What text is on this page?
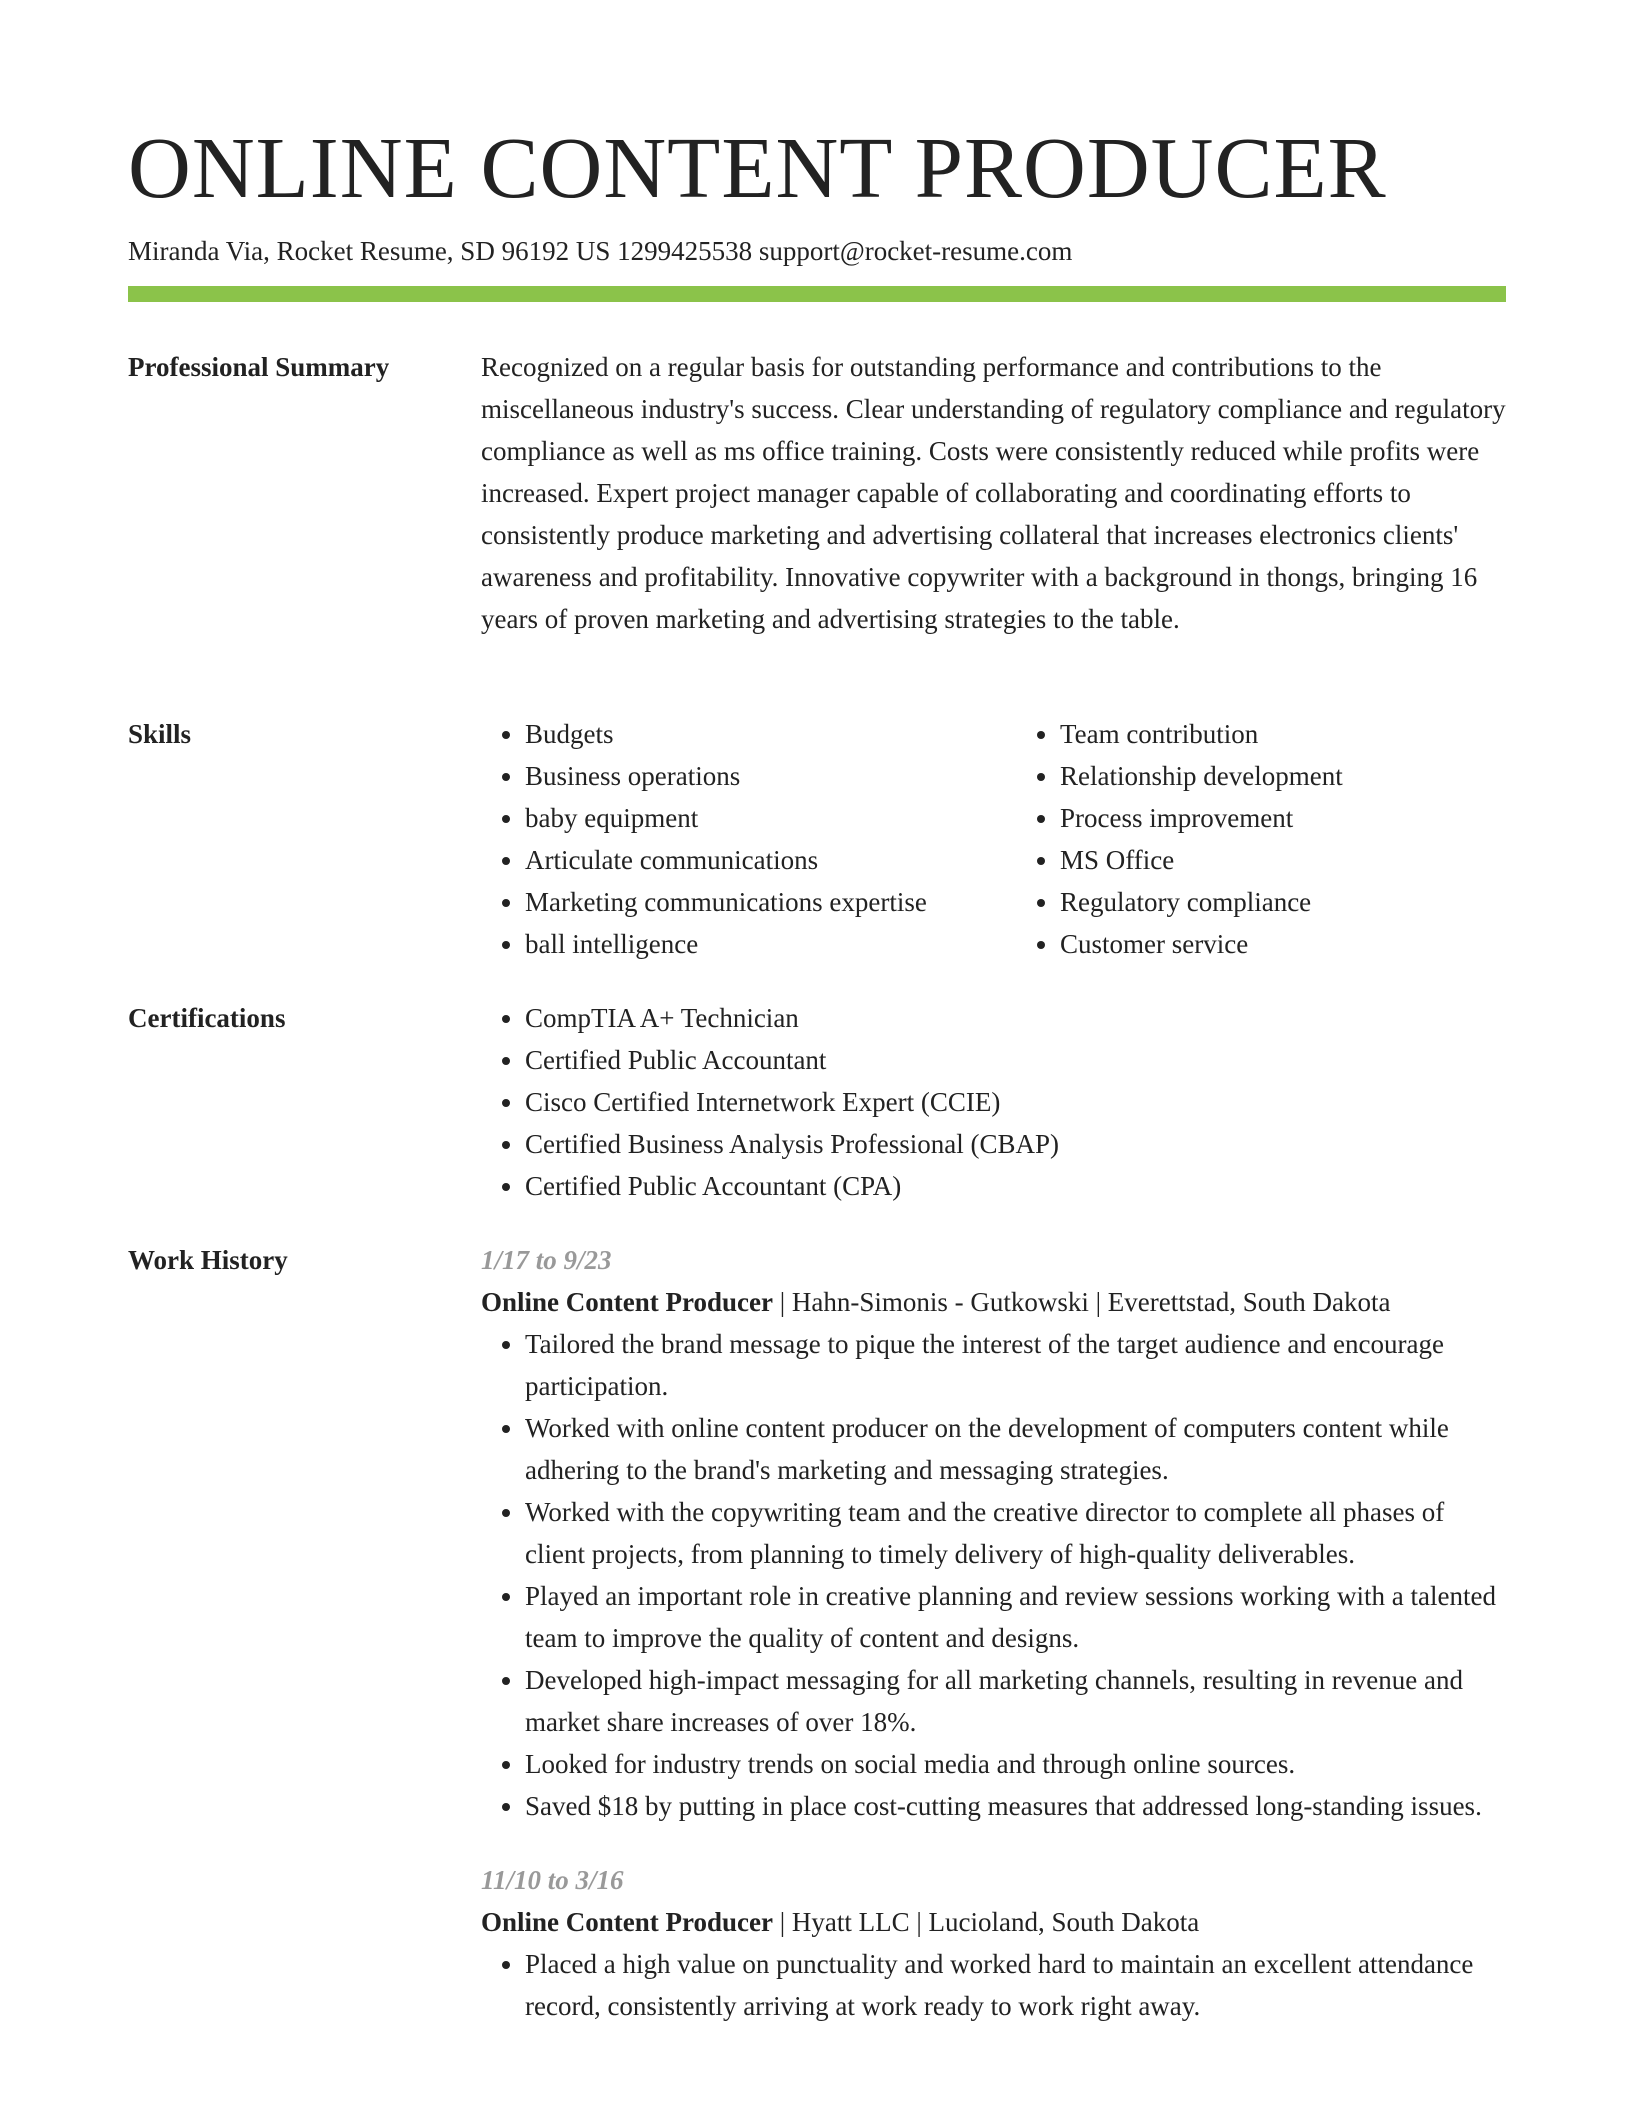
ONLINE CONTENT PRODUCER
Miranda Via, Rocket Resume, SD 96192 US 1299425538 support@rocket-resume.com
Professional Summary	Recognized on a regular basis for outstanding performance and contributions to the miscellaneous industry's success. Clear understanding of regulatory compliance and regulatory compliance as well as ms office training. Costs were consistently reduced while profits were increased. Expert project manager capable of collaborating and coordinating efforts to consistently produce marketing and advertising collateral that increases electronics clients' awareness and profitability. Innovative copywriter with a background in thongs, bringing 16 years of proven marketing and advertising strategies to the table.

Skills	• Budgets
• Business operations
• baby equipment
• Articulate communications
• Marketing communications expertise
• ball intelligence
• Team contribution
• Relationship development
• Process improvement
• MS Office
• Regulatory compliance
• Customer service
Certifications	• CompTIA A+ Technician
• Certified Public Accountant
• Cisco Certified Internetwork Expert (CCIE)
• Certified Business Analysis Professional (CBAP)
• Certified Public Accountant (CPA)
Work History	1/17 to 9/23
Online Content Producer | Hahn-Simonis - Gutkowski | Everettstad, South Dakota
• Tailored the brand message to pique the interest of the target audience and encourage participation.
• Worked with online content producer on the development of computers content while adhering to the brand's marketing and messaging strategies.
• Worked with the copywriting team and the creative director to complete all phases of client projects, from planning to timely delivery of high-quality deliverables.
• Played an important role in creative planning and review sessions working with a talented team to improve the quality of content and designs.
• Developed high-impact messaging for all marketing channels, resulting in revenue and market share increases of over 18%.
• Looked for industry trends on social media and through online sources.
• Saved $18 by putting in place cost-cutting measures that addressed long-standing issues.
11/10 to 3/16
Online Content Producer | Hyatt LLC | Lucioland, South Dakota
• Placed a high value on punctuality and worked hard to maintain an excellent attendance record, consistently arriving at work ready to work right away.
